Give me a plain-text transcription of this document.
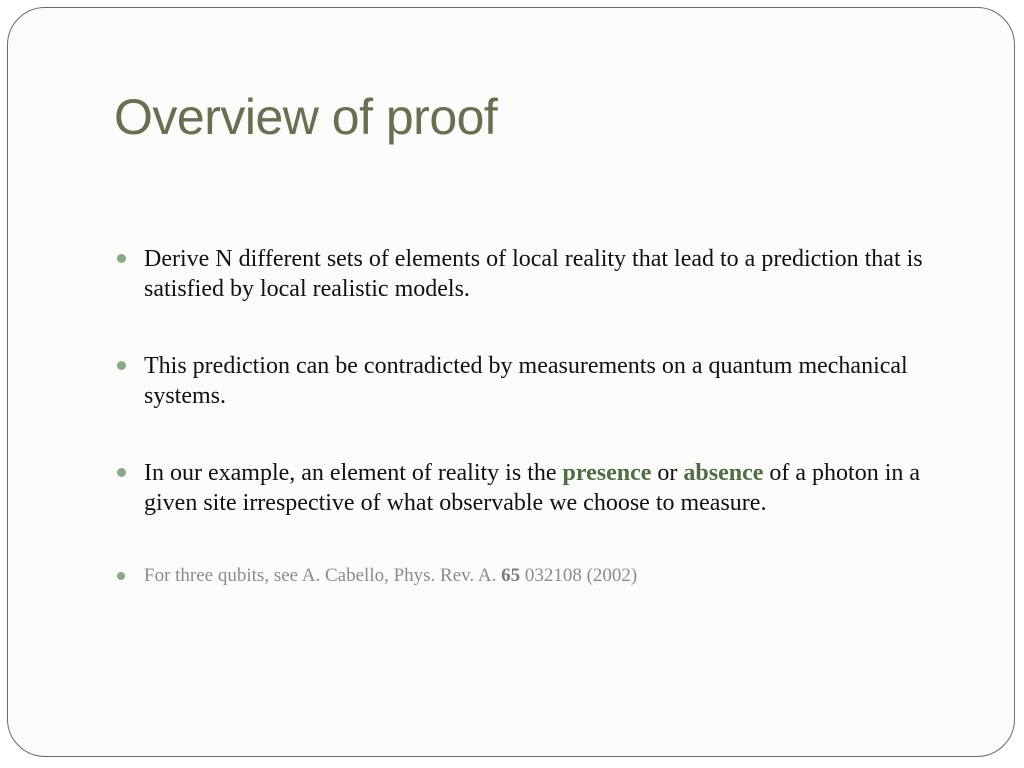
Overview of proof
Derive N different sets of elements of local reality that lead to a prediction that is satisfied by local realistic models.
This prediction can be contradicted by measurements on a quantum mechanical systems.
In our example, an element of reality is the presence or absence of a photon in a given site irrespective of what observable we choose to measure.
For three qubits, see A. Cabello, Phys. Rev. A. 65 032108 (2002)
